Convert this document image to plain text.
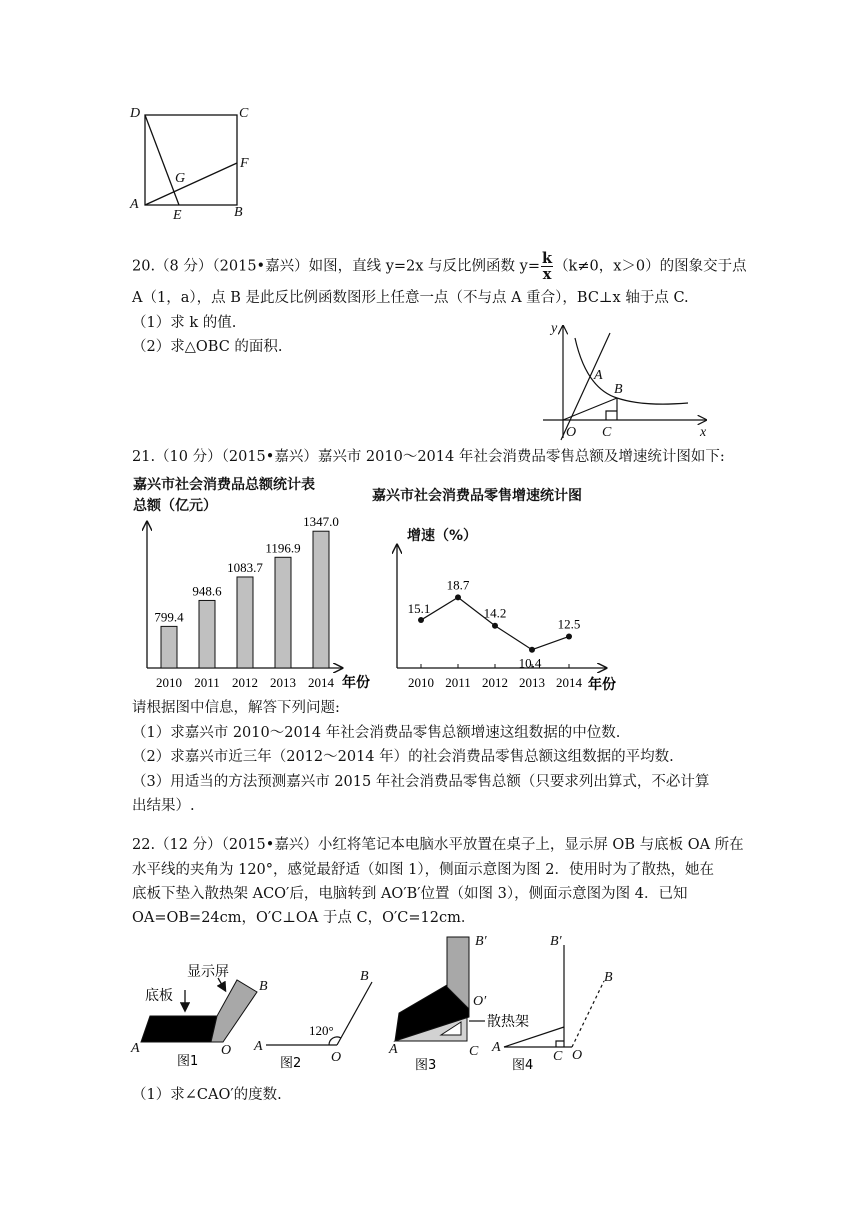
D	C
F
G
A
E	B
20.（8 分）（2015•嘉兴）如图，直线 y=2x 与反比例函数 $y= \frac{k}{x} (k\ne 0$，x＞0）的图象交于点
A（1，a），点 B 是此反比例函数图形上任意一点（不与点 A 重合），BC⊥x 轴于点 C.
（1）求 k 的值.
（2）求△OBC 的面积.
y
A
B
O C	x
21.（10 分）（2015•嘉兴）嘉兴市 2010～2014 年社会消费品零售总额及增速统计图如下:
嘉兴市社会消费品总额统计表
总额（亿元）
799.4
2010
948.6
2011
1083.7
2012
1196.9
2013
1347.0
2014 年份
嘉兴市社会消费品零售增速统计图
增速（%）
15.1
2010
18.7
2011
14.2
2012
10.4
2013
12.5
2014 年份
请根据图中信息，解答下列问题:
（1）求嘉兴市 2010～2014 年社会消费品零售总额增速这组数据的中位数.
（2）求嘉兴市近三年（2012～2014 年）的社会消费品零售总额这组数据的平均数.
（3）用适当的方法预测嘉兴市 2015 年社会消费品零售总额（只要求列出算式，不必计算
出结果）.
22.（12 分）（2015•嘉兴）小红将笔记本电脑水平放置在桌子上，显示屏 OB 与底板 OA 所在
水平线的夹角为 120°，感觉最舒适（如图 1），侧面示意图为图 2．使用时为了散热，她在
底板下垫入散热架 ACO′后，电脑转到 AO′B′位置（如图 3），侧面示意图为图 4．已知
OA=OB=24cm，O′C⊥OA 于点 C，O′C=12cm．
底板
显示屏
A	O
B
图1
A
O
B
120°
图2
B′
O′
A	C
散热架
图3
B′
A
C O
B
图4
（1）求∠CAO′的度数.
